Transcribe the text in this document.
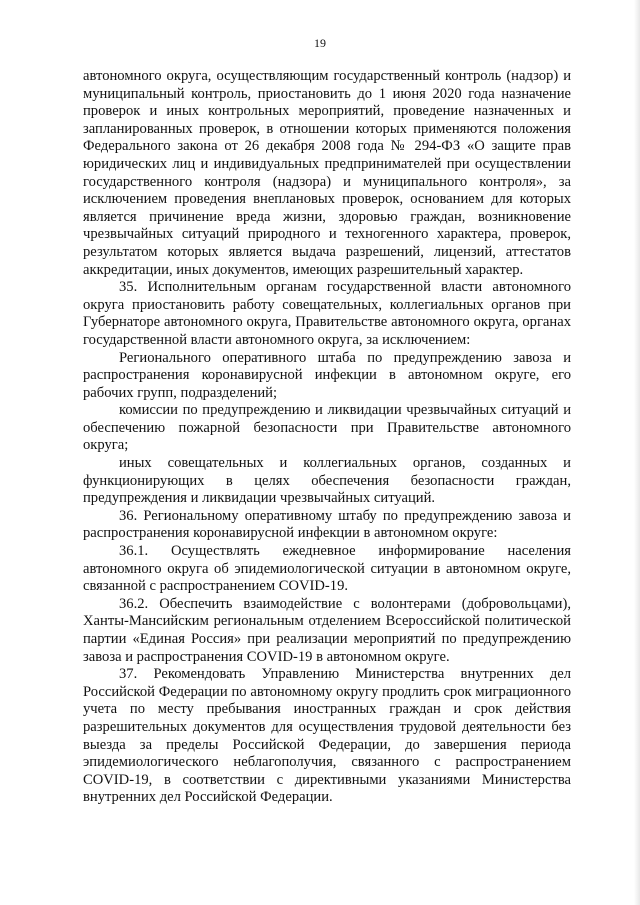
19

автономного округа, осуществляющим государственный контроль (надзор) и муниципальный контроль, приостановить до 1 июня 2020 года назначение проверок и иных контрольных мероприятий, проведение назначенных и запланированных проверок, в отношении которых применяются положения Федерального закона от 26 декабря 2008 года № 294-ФЗ «О защите прав юридических лиц и индивидуальных предпринимателей при осуществлении государственного контроля (надзора) и муниципального контроля», за исключением проведения внеплановых проверок, основанием для которых является причинение вреда жизни, здоровью граждан, возникновение чрезвычайных ситуаций природного и техногенного характера, проверок, результатом которых является выдача разрешений, лицензий, аттестатов аккредитации, иных документов, имеющих разрешительный характер.

35. Исполнительным органам государственной власти автономного округа приостановить работу совещательных, коллегиальных органов при Губернаторе автономного округа, Правительстве автономного округа, органах государственной власти автономного округа, за исключением:

Регионального оперативного штаба по предупреждению завоза и распространения коронавирусной инфекции в автономном округе, его рабочих групп, подразделений;

комиссии по предупреждению и ликвидации чрезвычайных ситуаций и обеспечению пожарной безопасности при Правительстве автономного округа;

иных совещательных и коллегиальных органов, созданных и функционирующих в целях обеспечения безопасности граждан, предупреждения и ликвидации чрезвычайных ситуаций.

36. Региональному оперативному штабу по предупреждению завоза и распространения коронавирусной инфекции в автономном округе:

36.1. Осуществлять ежедневное информирование населения автономного округа об эпидемиологической ситуации в автономном округе, связанной с распространением COVID-19.

36.2. Обеспечить взаимодействие с волонтерами (добровольцами), Ханты-Мансийским региональным отделением Всероссийской политической партии «Единая Россия» при реализации мероприятий по предупреждению завоза и распространения COVID-19 в автономном округе.

37. Рекомендовать Управлению Министерства внутренних дел Российской Федерации по автономному округу продлить срок миграционного учета по месту пребывания иностранных граждан и срок действия разрешительных документов для осуществления трудовой деятельности без выезда за пределы Российской Федерации, до завершения периода эпидемиологического неблагополучия, связанного с распространением COVID-19, в соответствии с директивными указаниями Министерства внутренних дел Российской Федерации.
